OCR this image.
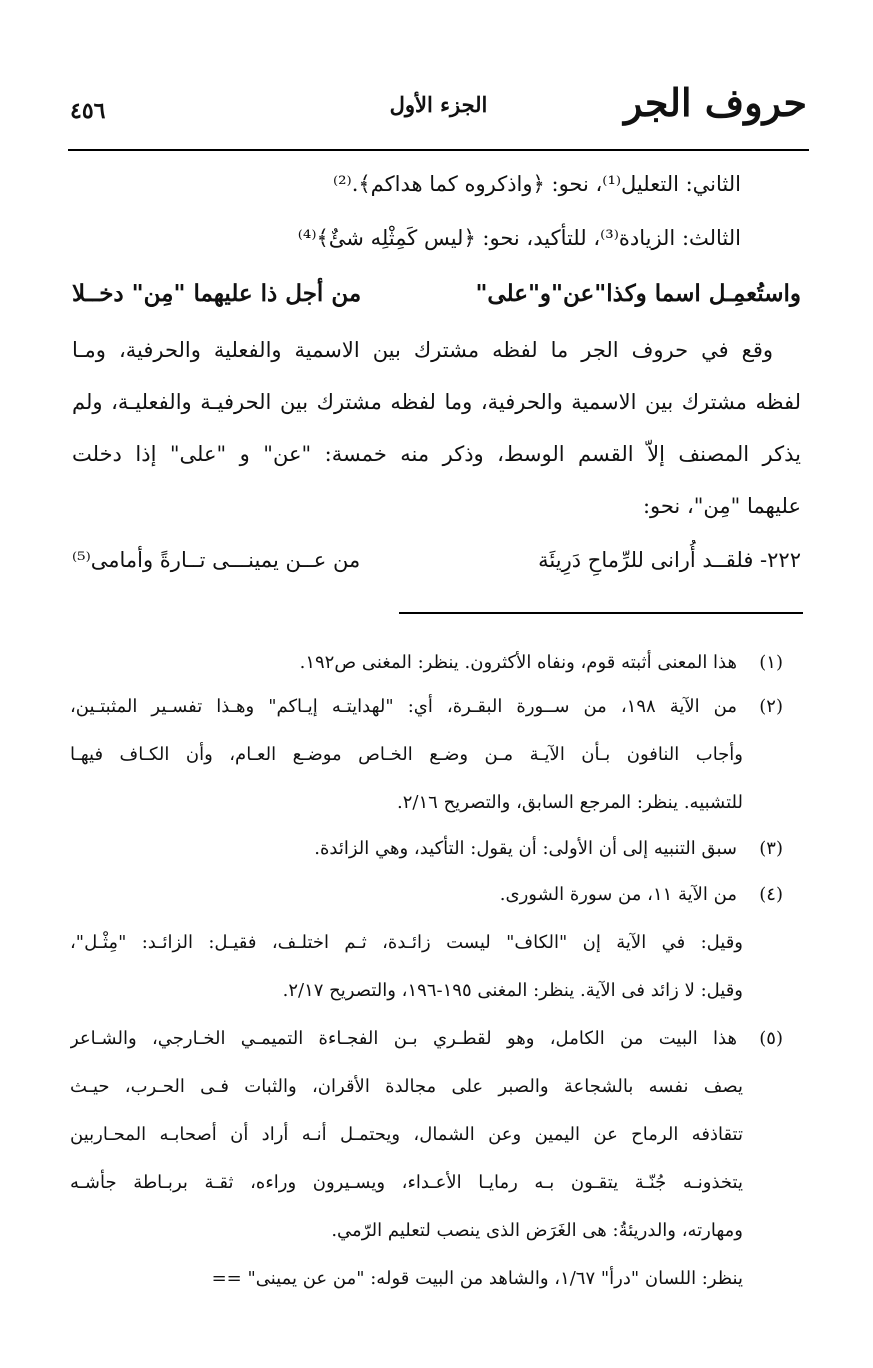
حروف الجر
الجزء الأول
٤٥٦
الثاني: التعليل⁽¹⁾، نحو: ﴿واذكروه كما هداكم﴾.⁽²⁾
الثالث: الزيادة⁽³⁾، للتأكيد، نحو: ﴿ليس كَمِثْلِه شئٌ﴾⁽⁴⁾
واستُعمِـل اسما وكذا"عن"و"على"
من أجل ذا عليهما "مِن" دخــلا
وقع في حروف الجر ما لفظه مشترك بين الاسمية والفعلية والحرفية، ومـا
لفظه مشترك بين الاسمية والحرفية، وما لفظه مشترك بين الحرفيـة والفعليـة، ولم
يذكر المصنف إلاّ القسم الوسط، وذكر منه خمسة: "عن" و "على" إذا دخلت
عليهما "مِن"، نحو:
٢٢٢- فلقــد أُرانى للرِّماحِ دَرِيئَة
من عــن يمينـــى تــارةً وأمامى⁽⁵⁾
(١)
هذا المعنى أثبته قوم، ونفاه الأكثرون. ينظر: المغنى ص١٩٢.
(٢)
من الآية ١٩٨، من ســورة البقـرة، أي: "لهدايتـه إيـاكم" وهـذا تفسـير المثبتـين،
وأجاب النافون بـأن الآيـة مـن وضـع الخـاص موضـع العـام، وأن الكـاف فيهـا
للتشبيه. ينظر: المرجع السابق، والتصريح ٢/١٦.
(٣)
سبق التنبيه إلى أن الأولى: أن يقول: التأكيد، وهي الزائدة.
(٤)
من الآية ١١، من سورة الشورى.
وقيل: في الآية إن "الكاف" ليست زائـدة، ثـم اختلـف، فقيـل: الزائـد: "مِثْـل"،
وقيل: لا زائد فى الآية. ينظر: المغنى ١٩٥-١٩٦، والتصريح ٢/١٧.
(٥)
هذا البيت من الكامل، وهو لقطـري بـن الفجـاءة التميمـي الخـارجي، والشـاعر
يصف نفسه بالشجاعة والصبر على مجالدة الأقران، والثبات فـى الحـرب، حيـث
تتقاذفه الرماح عن اليمين وعن الشمال، ويحتمـل أنـه أراد أن أصحابـه المحـاربين
يتخذونـه جُنّـة يتقـون بـه رمايـا الأعـداء، ويسـيرون وراءه، ثقـة بربـاطة جأشـه
ومهارته، والدريئةُ: هى الغَرَض الذى ينصب لتعليم الرّمي.
ينظر: اللسان "درأ" ١/٦٧، والشاهد من البيت قوله: "من عن يمينى" ==
